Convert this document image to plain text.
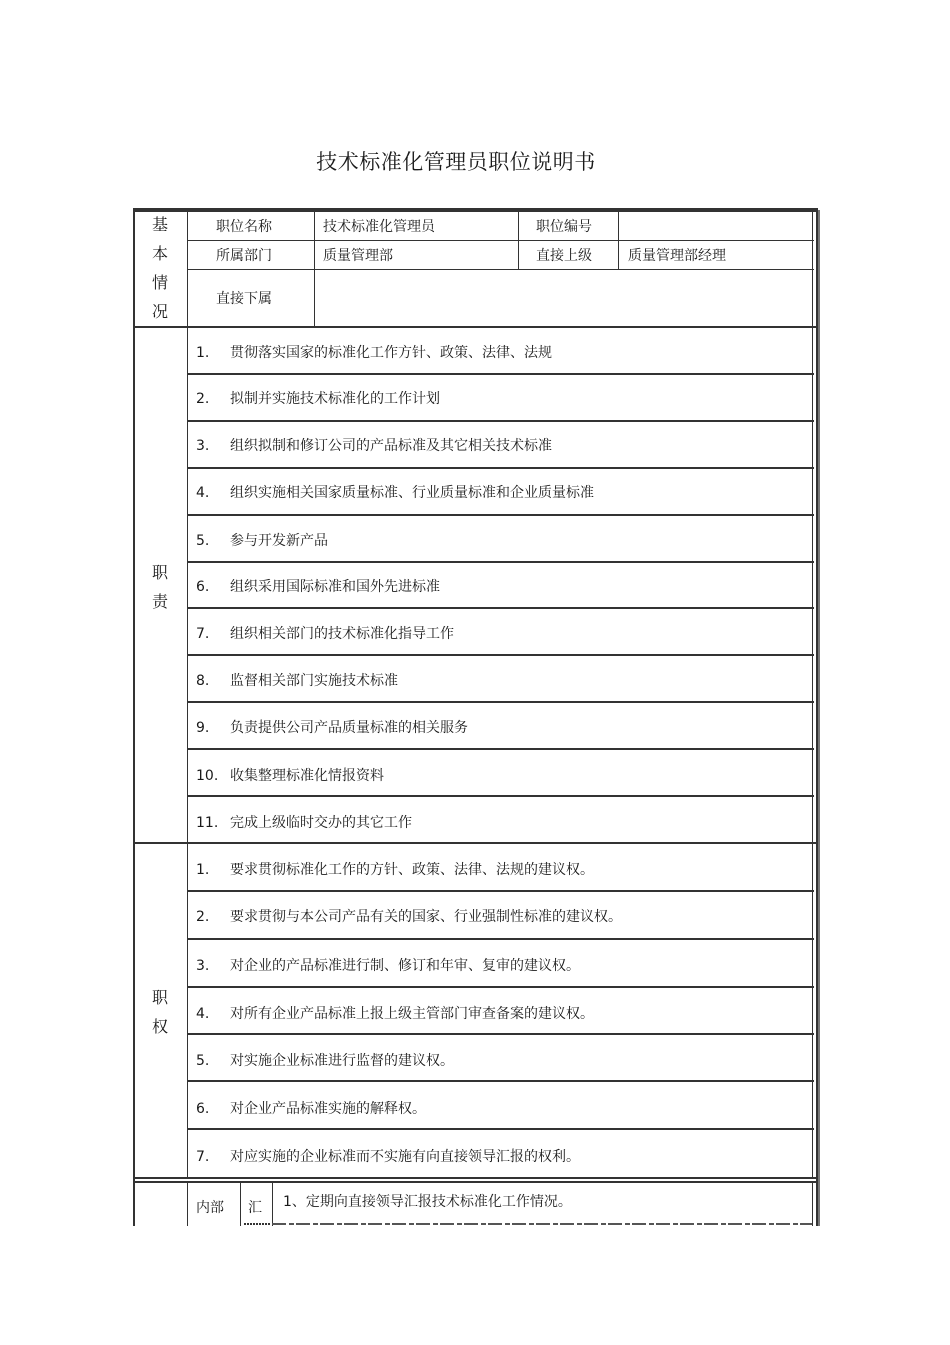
技术标准化管理员职位说明书
基
本
情
况
职位名称	技术标准化管理员	职位编号
所属部门	质量管理部	直接上级	质量管理部经理
直接下属
职
责
1. 贯彻落实国家的标准化工作方针、政策、法律、法规
2. 拟制并实施技术标准化的工作计划
3. 组织拟制和修订公司的产品标准及其它相关技术标准
4. 组织实施相关国家质量标准、行业质量标准和企业质量标准
5. 参与开发新产品
6. 组织采用国际标准和国外先进标准
7. 组织相关部门的技术标准化指导工作
8. 监督相关部门实施技术标准
9. 负责提供公司产品质量标准的相关服务
10. 收集整理标准化情报资料
11. 完成上级临时交办的其它工作
职
权
1. 要求贯彻标准化工作的方针、政策、法律、法规的建议权。
2. 要求贯彻与本公司产品有关的国家、行业强制性标准的建议权。
3. 对企业的产品标准进行制、修订和年审、复审的建议权。
4. 对所有企业产品标准上报上级主管部门审查备案的建议权。
5. 对实施企业标准进行监督的建议权。
6. 对企业产品标准实施的解释权。
7. 对应实施的企业标准而不实施有向直接领导汇报的权利。
内部 汇 1、定期向直接领导汇报技术标准化工作情况。
